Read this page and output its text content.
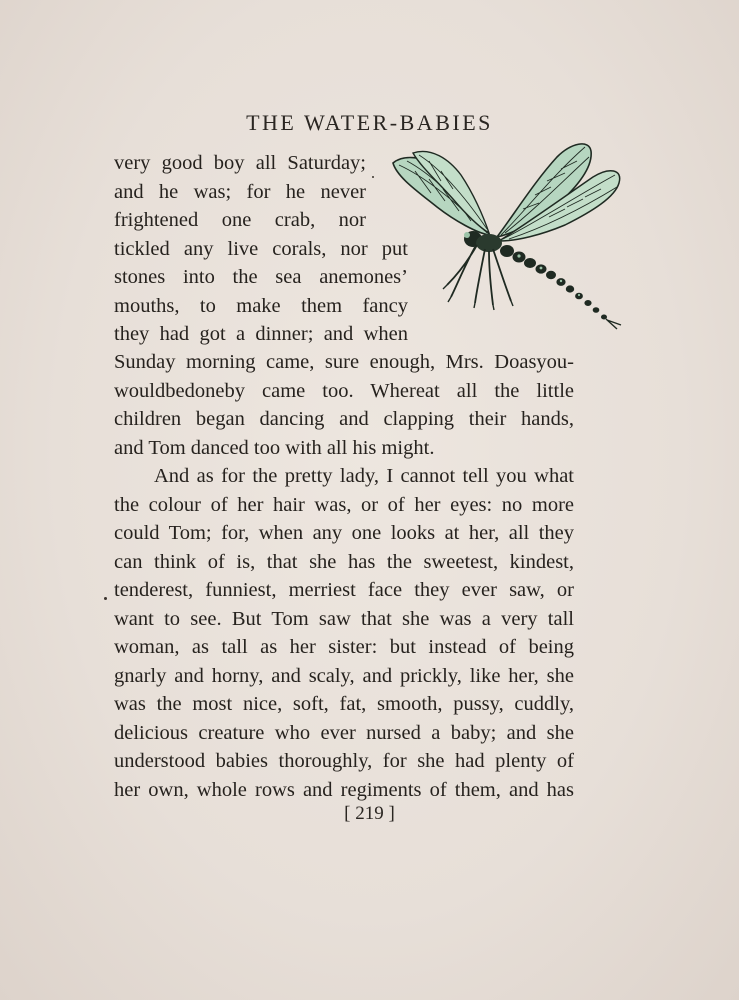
THE WATER-BABIES
very good boy all Saturday;
and he was; for he never
frightened one crab, nor
tickled any live corals, nor put
stones into the sea anemones’
mouths, to make them fancy
they had got a dinner; and when
Sunday morning came, sure enough, Mrs. Doasyou-
wouldbedoneby came too. Whereat all the little
children began dancing and clapping their hands,
and Tom danced too with all his might.
And as for the pretty lady, I cannot tell you what
the colour of her hair was, or of her eyes: no more
could Tom; for, when any one looks at her, all they
can think of is, that she has the sweetest, kindest,
tenderest, funniest, merriest face they ever saw, or
want to see. But Tom saw that she was a very tall
woman, as tall as her sister: but instead of being
gnarly and horny, and scaly, and prickly, like her, she
was the most nice, soft, fat, smooth, pussy, cuddly,
delicious creature who ever nursed a baby; and she
understood babies thoroughly, for she had plenty of
her own, whole rows and regiments of them, and has
[ 219 ]
